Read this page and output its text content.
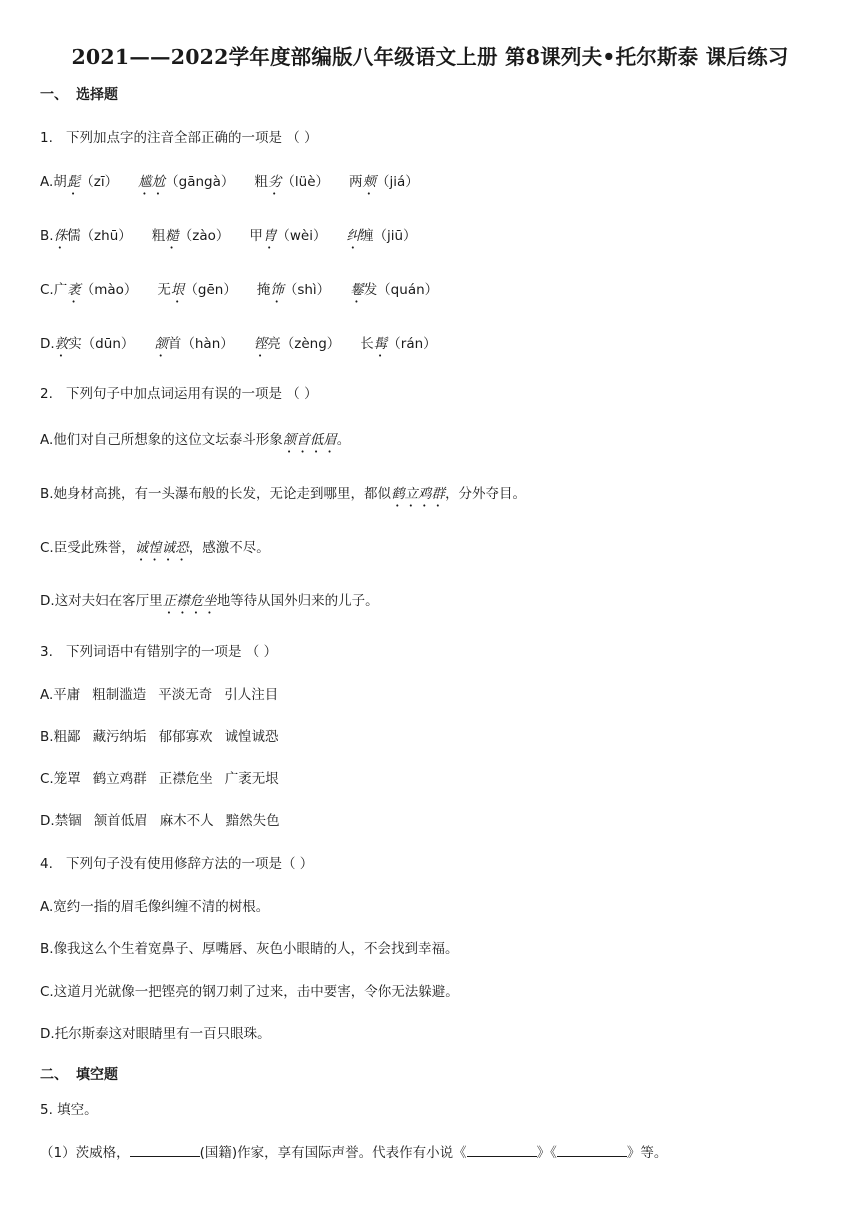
2021——2022学年度部编版八年级语文上册 第8课列夫•托尔斯泰 课后练习
一、 选择题
1. 下列加点字的注音全部正确的一项是 （ ）
A.胡髭（zī） 尴尬（gāngà） 粗劣（lüè） 两颊（jiá）
B.侏儒（zhū） 粗糙（zào） 甲胄（wèi） 纠缠（jiū）
C.广袤（mào） 无垠（gēn） 掩饰（shì） 鬈发（quán）
D.敦实（dūn） 颔首（hàn） 铿亮（zèng） 长髯（rán）
2. 下列句子中加点词运用有误的一项是 （ ）
A.他们对自己所想象的这位文坛泰斗形象颔首低眉。
B.她身材高挑，有一头瀑布般的长发，无论走到哪里，都似鹤立鸡群，分外夺目。
C.臣受此殊誉，诚惶诚恐，感激不尽。
D.这对夫妇在客厅里正襟危坐地等待从国外归来的儿子。
3. 下列词语中有错别字的一项是 （ ）
A.平庸 粗制滥造 平淡无奇 引人注目
B.粗鄙 藏污纳垢 郁郁寡欢 诚惶诚恐
C.笼罩 鹤立鸡群 正襟危坐 广袤无垠
D.禁锢 颔首低眉 麻木不人 黯然失色
4. 下列句子没有使用修辞方法的一项是（ ）
A.宽约一指的眉毛像纠缠不清的树根。
B.像我这么个生着宽鼻子、厚嘴唇、灰色小眼睛的人，不会找到幸福。
C.这道月光就像一把铿亮的钢刀刺了过来，击中要害，令你无法躲避。
D.托尔斯泰这对眼睛里有一百只眼珠。
二、 填空题
5. 填空。
（1）茨威格，	(国籍)作家，享有国际声誉。代表作有小说《	》《	》等。
